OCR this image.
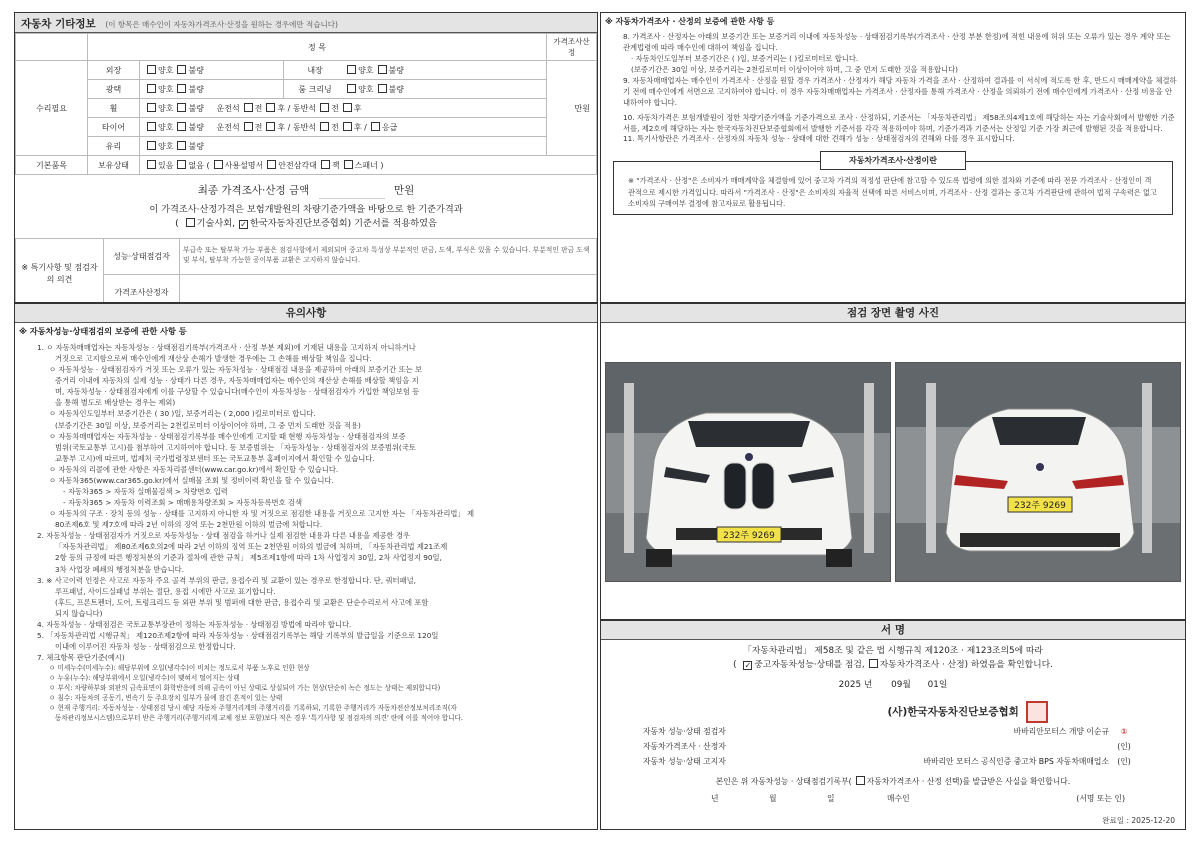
자동차 기타정보 (이 항목은 매수인이 자동차가격조사·산정을 원하는 경우에만 적습니다)
	정 목			가격조사산정
수리필요	외장	양호 불량	내장 양호 불량	만원
	광택	양호 불량	룸 크리닝 양호 불량	
	휠	양호 불량 운전석 전 후 / 동반석 전 후		
	타이어	양호 불량 운전석 전 후 / 동반석 전 후 / 응급		
	유리	양호 불량		
기본품목	보유상태	있음 없음 ( 사용설명서 안전삼각대 잭 스패너 )		
최종 가격조사·산정 금액	만원
이 가격조사·산정가격은 보험개발원의 차량기준가액을 바탕으로 한 기준가격과
( 기술사회, ✓ 한국자동차진단보증협회) 기준서를 적용하였음
※ 특기사항 및 점검자의 의견	성능·상태점검자	부급속 또는 탈부착 가능 부품은 점검사항에서 제외되며 중고차 특성상 부분적인 판금, 도색, 부식은 있을 수 있습니다. 부분적인 판금 도색 및 부식, 탈부착 가능한 공이부품 교환은 고지하지 않습니다.
	가격조사산정자	
※ 자동차가격조사 · 산정의 보증에 관한 사항 등

8. 가격조사 · 산정자는 아래의 보증기간 또는 보증거리 이내에 자동차성능 · 상태점검기록부(가격조사 · 산정 부분 한정)에 적힌 내용에 허위 또는 오류가 있는 경우 계약 또는 관계법령에 따라 매수인에 대하여 책임을 집니다.

· 자동차인도일부터 보증기간은 ( )일, 보증거리는 ( )킬로미터로 합니다.

(보증기간은 30일 이상, 보증거리는 2천킬로미터 이상이어야 하며, 그 중 먼저 도래한 것을 적용합니다)

9. 자동차매매업자는 매수인이 가격조사 · 산정을 원할 경우 가격조사 · 산정자가 해당 자동차 가격을 조사 · 산정하여 결과를 이 서식에 적도록 한 후, 반드시 매매계약을 체결하기 전에 매수인에게 서면으로 고지하여야 합니다. 이 경우 자동차매매업자는 가격조사 · 산정자를 통해 가격조사 · 산정을 의뢰하기 전에 매수인에게 가격조사 · 산정 비용을 안내하여야 합니다.

10. 자동차가격은 보험개발원이 정한 차량기준가액을 기준가격으로 조사 · 산정하되, 기준서는 「자동차관리법」 제58조의4제1호에 해당하는 자는 기술사회에서 발행한 기준서를, 제2호에 해당하는 자는 한국자동차진단보증협회에서 발행한 기준서를 각각 적용하여야 하며, 기준가격과 기준서는 산정일 기준 가장 최근에 발행된 것을 적용합니다.

11. 특기사항란은 가격조사 · 산정자의 자동차 성능 · 상태에 대한 견해가 성능 · 상태점검자의 견해와 다를 경우 표시합니다.

자동차가격조사·산정이란
※ "가격조사 · 산정"은 소비자가 매매계약을 체결함에 있어 중고차 가격의 적정성 판단에 참고할 수 있도록 법령에 의한 절차와 기준에 따라 전문 가격조사 · 산정인이 객관적으로 제시한 가격입니다. 따라서 "가격조사 · 산정"은 소비자의 자율적 선택에 따른 서비스이며, 가격조사 · 산정 결과는 중고차 가격판단에 관하여 법적 구속력은 없고 소비자의 구매여부 결정에 참고자료로 활용됩니다.
유의사항
※ 자동차성능·상태점검의 보증에 관한 사항 등

1. ㅇ 자동차매매업자는 자동차성능 · 상태점검기록부(가격조사 · 산정 부분 제외)에 기재된 내용을 고지하지 아니하거나

거짓으로 고지함으로써 매수인에게 재산상 손해가 발생한 경우에는 그 손해를 배상할 책임을 집니다.

ㅇ 자동차성능 · 상태점검자가 거짓 또는 오류가 있는 자동차성능 · 상태점검 내용을 제공하여 아래의 보증기간 또는 보

증거리 이내에 자동차의 실제 성능 · 상태가 다른 경우, 자동차매매업자는 매수인의 재산상 손해를 배상할 책임을 지

며, 자동차성능 · 상태점검자에게 이를 구상할 수 있습니다(매수인이 자동차성능 · 상태점검자가 가입한 책임보험 등

을 통해 별도로 배상받는 경우는 제외)

ㅇ 자동차인도일부터 보증기간은 ( 30 )일, 보증거리는 ( 2,000 )킬로미터로 합니다.

(보증기간은 30일 이상, 보증거리는 2천킬로미터 이상이어야 하며, 그 중 먼저 도래한 것을 적용)

ㅇ 자동차매매업자는 자동차성능 · 상태점검기록부를 매수인에게 고지할 때 현행 자동차성능 · 상태점검자의 보증

범위(국토교통부 고시)를 첨부하여 고지하여야 합니다. 동 보증범위는 「자동차성능 · 상태점검자의 보증범위(국토

교통부 고시)에 따르며, 법제처 국가법령정보센터 또는 국토교통부 홈페이지에서 확인할 수 있습니다.

ㅇ 자동차의 리콜에 관한 사항은 자동차리콜센터(www.car.go.kr)에서 확인할 수 있습니다.

ㅇ 자동차365(www.car365.go.kr)에서 실매물 조회 및 정비이력 확인을 할 수 있습니다.

- 자동차365 > 자동차 실매물검색 > 차량번호 입력

- 자동차365 > 자동차 이력조회 > 매매용차량조회 > 자동차등록번호 검색

ㅇ 자동차의 구조 · 장치 등의 성능 · 상태를 고지하지 아니한 자 및 거짓으로 점검한 내용을 거짓으로 고지한 자는 「자동차관리법」 제

80조제6호 및 제7호에 따라 2년 이하의 징역 또는 2천만원 이하의 벌금에 처합니다.

2. 자동차성능 · 상태점검자가 거짓으로 자동차성능 · 상태 점검을 하거나 실제 점검한 내용과 다른 내용을 제공한 경우

「자동차관리법」 제80조제6호의2에 따라 2년 이하의 징역 또는 2천만원 이하의 벌금에 처하며, 「자동차관리법 제21조제

2항 등의 규정에 따른 행정처분의 기준과 절차에 관한 규칙」 제5조제1항에 따라 1차 사업정지 30일, 2차 사업정지 90일,

3차 사업장 폐쇄의 행정처분을 받습니다.

3. ※ 사고이력 인정은 사고로 자동차 주요 골격 부위의 판금, 용접수리 및 교환이 있는 경우로 한정합니다. 단, 쿼터패널,

루프패널, 사이드실패널 부위는 절단, 용접 시에만 사고로 표기합니다.

(후드, 프론트펜더, 도어, 트렁크리드 등 외판 부위 및 범퍼에 대한 판금, 용접수리 및 교환은 단순수리로서 사고에 포함

되지 않습니다)

4. 자동차성능 · 상태점검은 국토교통부장관이 정하는 자동차성능 · 상태점검 방법에 따라야 합니다.

5. 「자동차관리법 시행규칙」 제120조제2항에 따라 자동차성능 · 상태점검기록부는 해당 기록부의 발급일을 기준으로 120일

이내에 이루어진 자동차 성능 · 상태점검으로 한정합니다.

7. 체크항목 판단기준(예시)

ㅇ 미세누수(미세누수): 해당부위에 오일(냉각수)이 비치는 정도로서 부품 노후로 인한 현상

ㅇ 누유(누수): 해당부위에서 오일(냉각수)이 맺혀서 떨어지는 상태

ㅇ 부식: 차량하부와 외판의 금속표면이 화학반응에 의해 금속이 아닌 상태로 상실되어 가는 현상(단순히 녹슨 정도는 상태는 제외합니다)

ㅇ 침수: 자동차의 공동기, 변속기 등 주요장치 일부가 물에 잠긴 흔적이 있는 상태

ㅇ 현재 주행거리: 자동차성능 · 상태점검 당시 해당 자동차 주행거리계의 주행거리를 기록하되, 기록한 주행거리가 자동차전산정보처리조직(자

동차관리정보시스템)으로부터 받은 주행거리(주행거리계 교체 정보 포함)보다 적은 경우 '특기사항 및 점검자의 의견' 란에 이를 적어야 합니다.

점검 장면 촬영 사진
232주 9269
232주 9269
서 명
「자동차관리법」 제58조 및 같은 법 시행규칙 제120조 · 제123조의5에 따라
( ✓ 중고자동차성능·상태를 점검, 자동차가격조사 · 산정) 하였음을 확인합니다.
2025 년 09월 01일
(사)한국자동차진단보증협회
자동차 성능·상태 점검자	바바리안모터스 개양 이순규	①
자동차가격조사 · 산정자	(인)
자동차 성능·상태 고지자	바바리안 모터스 공식인증 중고차 BPS 자동차매매업소	(인)
본인은 위 자동차성능 · 상태점검기록부( 자동차가격조사 · 산정 선택)를 발급받은 사실을 확인합니다.
년	월	일	매수인	(서명 또는 인)
완료일 : 2025-12-20
